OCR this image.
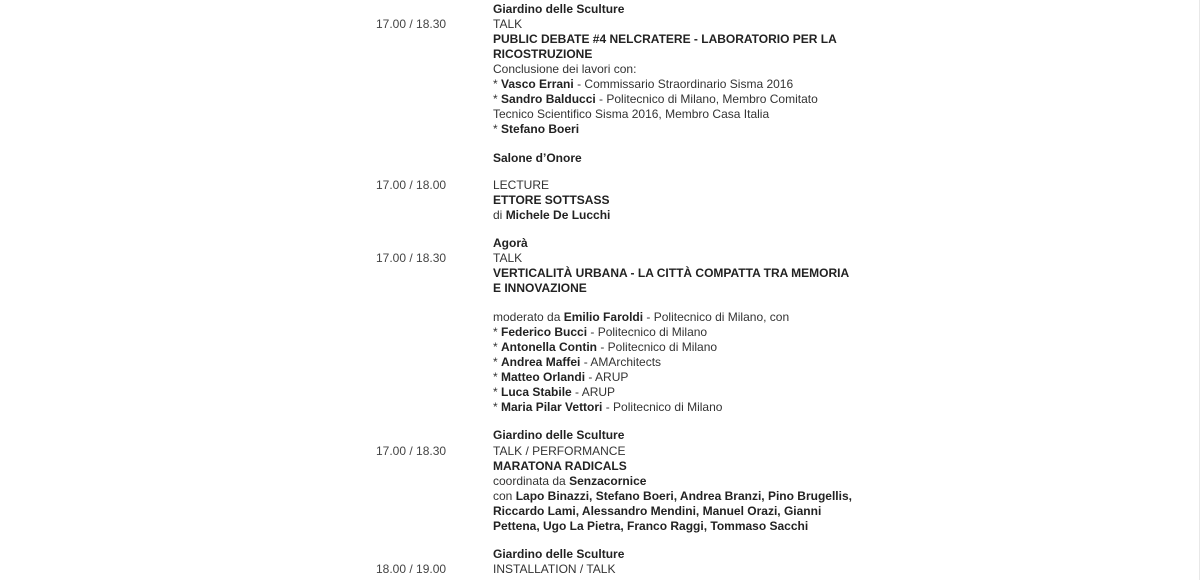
Giardino delle Sculture
17.00 / 18.30	TALK
PUBLIC DEBATE #4 NELCRATERE - LABORATORIO PER LA
RICOSTRUZIONE
Conclusione dei lavori con:
* Vasco Errani - Commissario Straordinario Sisma 2016
* Sandro Balducci - Politecnico di Milano, Membro Comitato
Tecnico Scientifico Sisma 2016, Membro Casa Italia
* Stefano Boeri
Salone d’Onore
17.00 / 18.00	LECTURE
ETTORE SOTTSASS
di Michele De Lucchi
Agorà
17.00 / 18.30	TALK
VERTICALITÀ URBANA - LA CITTÀ COMPATTA TRA MEMORIA
E INNOVAZIONE
moderato da Emilio Faroldi - Politecnico di Milano, con
* Federico Bucci - Politecnico di Milano
* Antonella Contin - Politecnico di Milano
* Andrea Maffei - AMArchitects
* Matteo Orlandi - ARUP
* Luca Stabile - ARUP
* Maria Pilar Vettori - Politecnico di Milano
Giardino delle Sculture
17.00 / 18.30	TALK / PERFORMANCE
MARATONA RADICALS
coordinata da Senzacornice
con Lapo Binazzi, Stefano Boeri, Andrea Branzi, Pino Brugellis,
Riccardo Lami, Alessandro Mendini, Manuel Orazi, Gianni
Pettena, Ugo La Pietra, Franco Raggi, Tommaso Sacchi
Giardino delle Sculture
18.00 / 19.00	INSTALLATION / TALK
